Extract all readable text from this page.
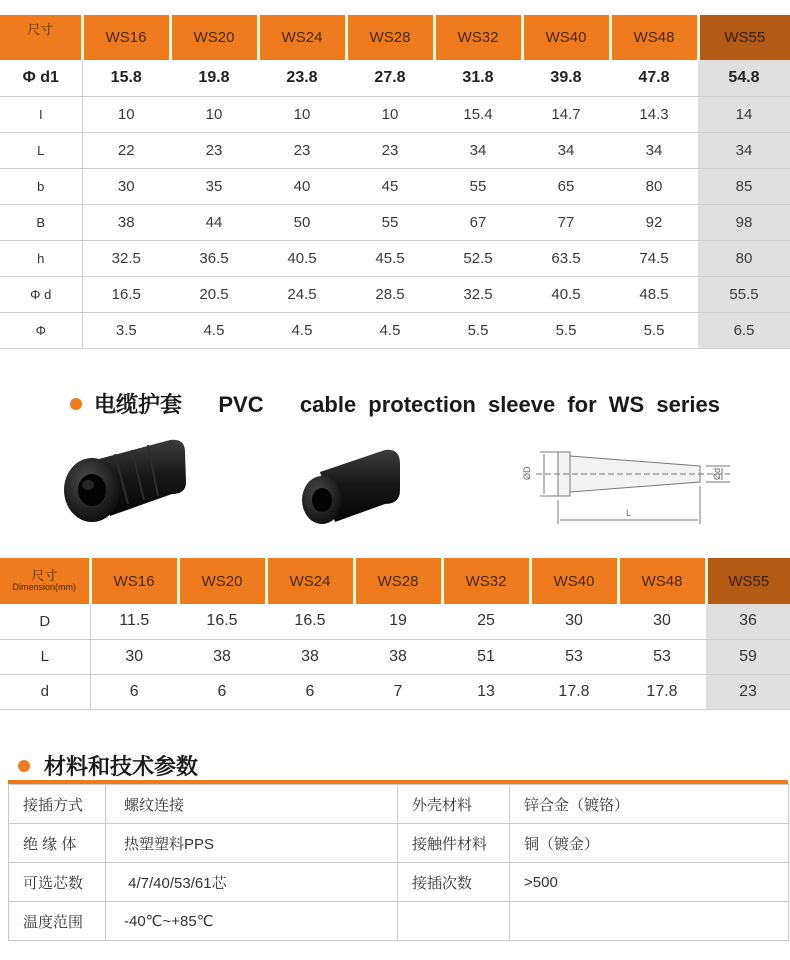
尺寸	WS16	WS20	WS24	WS28	WS32	WS40	WS48	WS55
Φ d1	15.8	19.8	23.8	27.8	31.8	39.8	47.8	54.8
I	10	10	10	10	15.4	14.7	14.3	14
L	22	23	23	23	34	34	34	34
b	30	35	40	45	55	65	80	85
B	38	44	50	55	67	77	92	98
h	32.5	36.5	40.5	45.5	52.5	63.5	74.5	80
Φ d	16.5	20.5	24.5	28.5	32.5	40.5	48.5	55.5
Φ	3.5	4.5	4.5	4.5	5.5	5.5	5.5	6.5
电缆护套   PVC   cable protection sleeve for WS series
ØD	Ød
L
尺寸
Dimension(mm)	WS16	WS20	WS24	WS28	WS32	WS40	WS48	WS55
D	11.5	16.5	16.5	19	25	30	30	36
L	30	38	38	38	51	53	53	59
d	6	6	6	7	13	17.8	17.8	23
材料和技术参数
接插方式	螺纹连接	外壳材料	锌合金（镀铬）
绝 缘 体	热塑塑料PPS	接触件材料	铜（镀金）
可选芯数	4/7/40/53/61芯	接插次数	>500
温度范围	-40℃~+85℃		
